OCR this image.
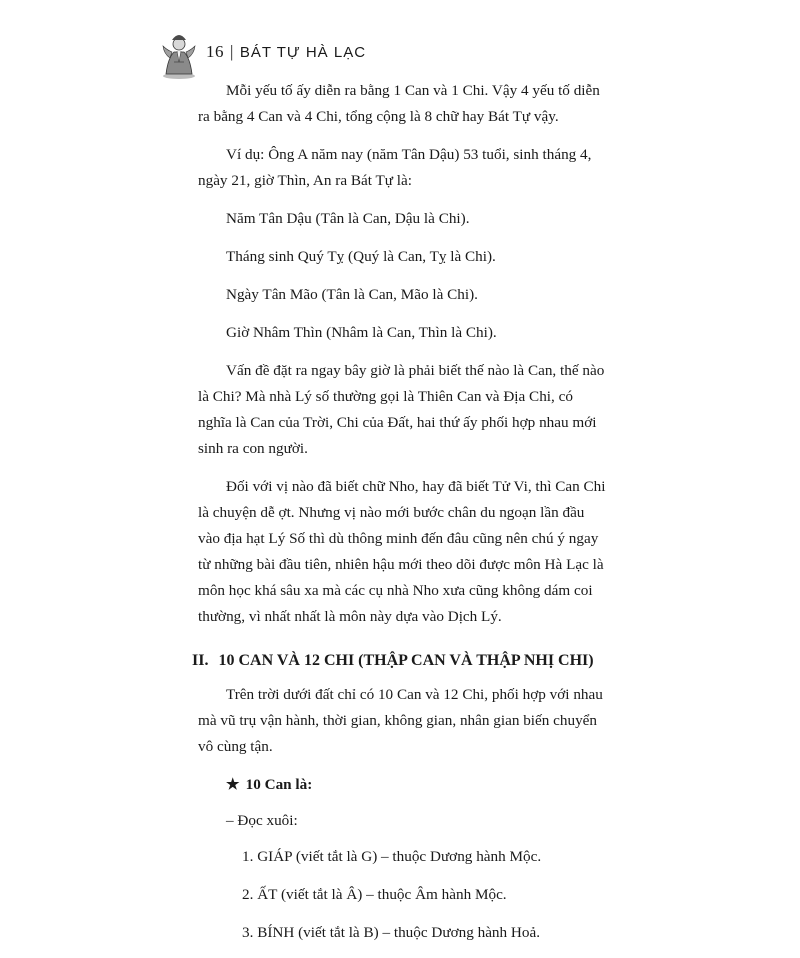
16 | BÁT TỰ HÀ LẠC

Mỗi yếu tố ấy diễn ra bằng 1 Can và 1 Chi. Vậy 4 yếu tố diễn ra bằng 4 Can và 4 Chi, tổng cộng là 8 chữ hay Bát Tự vậy.

Ví dụ: Ông A năm nay (năm Tân Dậu) 53 tuổi, sinh tháng 4, ngày 21, giờ Thìn, An ra Bát Tự là:

Năm Tân Dậu (Tân là Can, Dậu là Chi).
Tháng sinh Quý Tỵ (Quý là Can, Tỵ là Chi).
Ngày Tân Mão (Tân là Can, Mão là Chi).
Giờ Nhâm Thìn (Nhâm là Can, Thìn là Chi).

Vấn đề đặt ra ngay bây giờ là phải biết thế nào là Can, thế nào là Chi? Mà nhà Lý số thường gọi là Thiên Can và Địa Chi, có nghĩa là Can của Trời, Chi của Đất, hai thứ ấy phối hợp nhau mới sinh ra con người.

Đối với vị nào đã biết chữ Nho, hay đã biết Tử Vi, thì Can Chi là chuyện dễ ợt. Nhưng vị nào mới bước chân du ngoạn lần đầu vào địa hạt Lý Số thì dù thông minh đến đâu cũng nên chú ý ngay từ những bài đầu tiên, nhiên hậu mới theo dõi được môn Hà Lạc là môn học khá sâu xa mà các cụ nhà Nho xưa cũng không dám coi thường, vì nhất nhất là môn này dựa vào Dịch Lý.

II. 10 CAN VÀ 12 CHI (THẬP CAN VÀ THẬP NHỊ CHI)

Trên trời dưới đất chỉ có 10 Can và 12 Chi, phối hợp với nhau mà vũ trụ vận hành, thời gian, không gian, nhân gian biến chuyển vô cùng tận.

★ 10 Can là:
– Đọc xuôi:
1. GIÁP (viết tắt là G) – thuộc Dương hành Mộc.
2. ẤT (viết tắt là Â) – thuộc Âm hành Mộc.
3. BÍNH (viết tắt là B) – thuộc Dương hành Hoả.
